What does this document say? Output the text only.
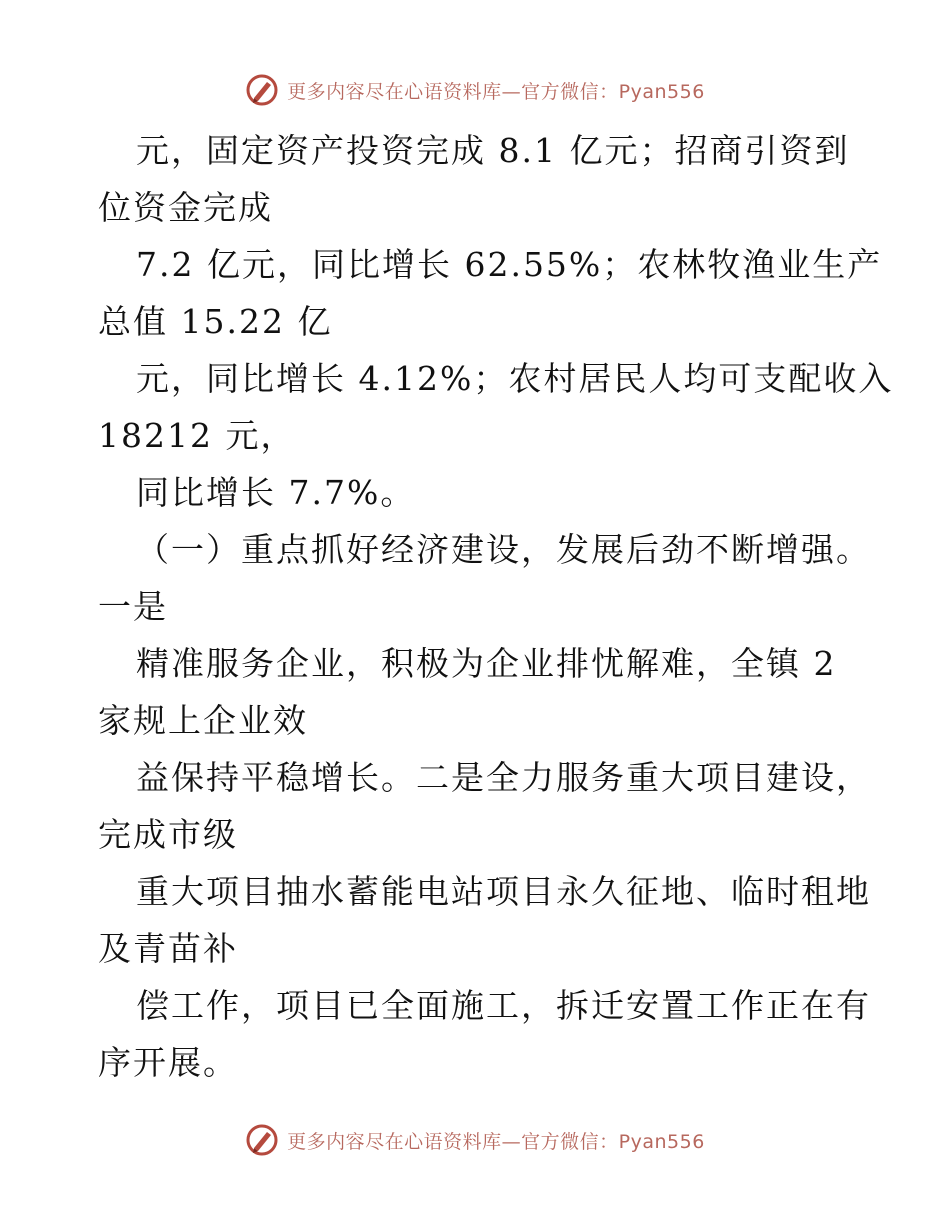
更多内容尽在心语资料库—官方微信：Pyan556
元，固定资产投资完成 8.1 亿元；招商引资到
位资金完成
7.2 亿元，同比增长 62.55%；农林牧渔业生产
总值 15.22 亿
元，同比增长 4.12%；农村居民人均可支配收入
18212 元，
同比增长 7.7%。
（一）重点抓好经济建设，发展后劲不断增强。
一是
精准服务企业，积极为企业排忧解难，全镇 2
家规上企业效
益保持平稳增长。二是全力服务重大项目建设，
完成市级
重大项目抽水蓄能电站项目永久征地、临时租地
及青苗补
偿工作，项目已全面施工，拆迁安置工作正在有
序开展。
更多内容尽在心语资料库—官方微信：Pyan556
